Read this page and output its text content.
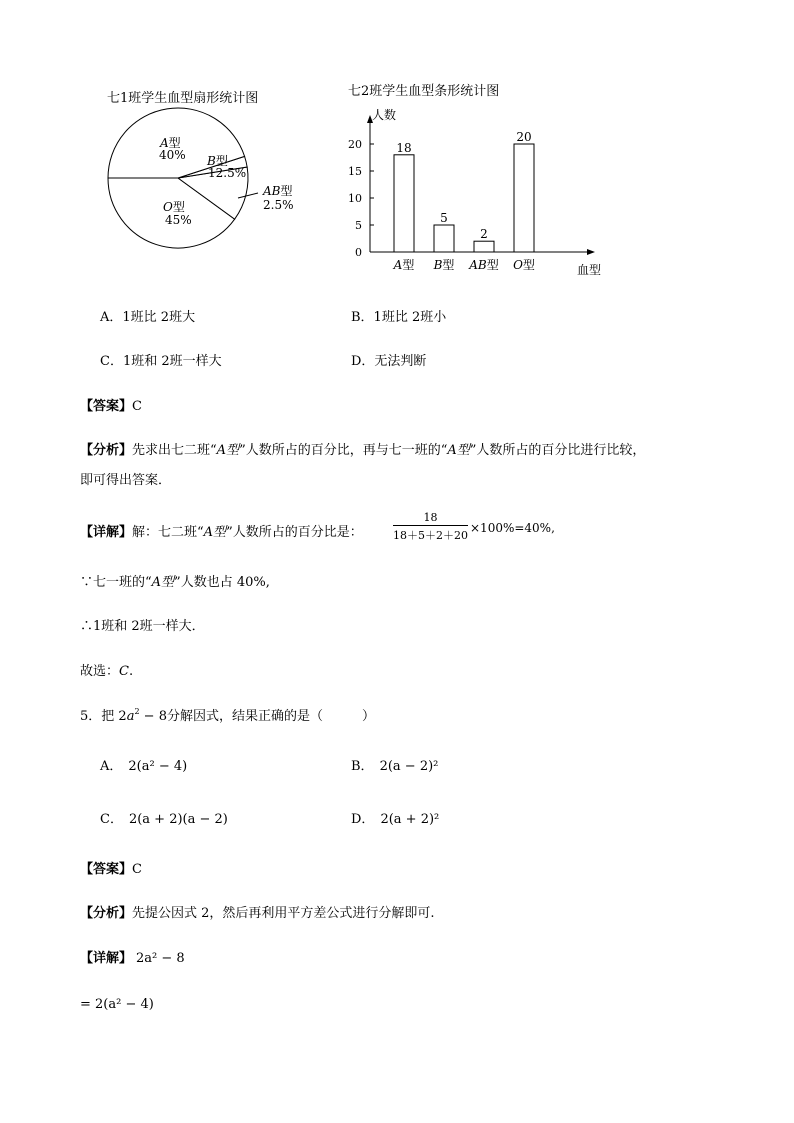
七1班学生血型扇形统计图
A型
40% B型
12.5%
AB型
2.5%
O型
45%
七2班学生血型条形统计图
人数
血型
0
5
10
15
20	18
A型
5
B型
2
AB型
20
O型
A．1班比 2班大	B．1班比 2班小
C．1班和 2班一样大	D．无法判断
【答案】C
【分析】先求出七二班“A型”人数所占的百分比，再与七一班的“A型”人数所占的百分比进行比较，
即可得出答案．
【详解】解：七二班“A型”人数所占的百分比是：	$\frac{18}{18+5+2+20} \times 100\%=40\%$,
∵七一班的“A型”人数也占 40%,
∴1班和 2班一样大．
故选：C.
5．把 $2a^2 - 8$分解因式，结果正确的是（　　　）
A． 2(a² − 4)	B． 2(a − 2)²
C． 2(a + 2)(a − 2)	D． 2(a + 2)²
【答案】C
【分析】先提公因式 2，然后再利用平方差公式进行分解即可.
【详解】 2a² − 8
= 2(a² − 4)
